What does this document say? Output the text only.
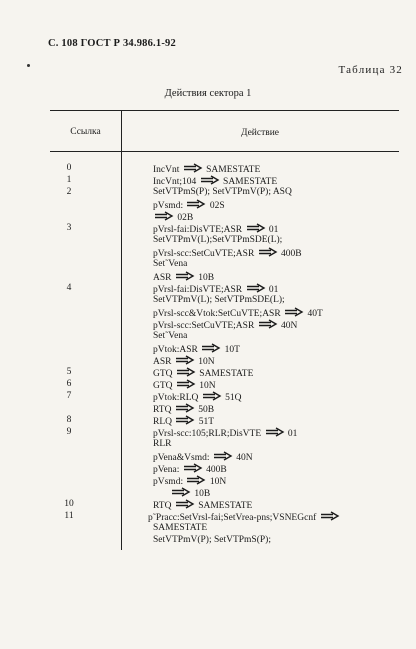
С. 108 ГОСТ Р 34.986.1-92
Таблица 32
Действия сектора 1
Ссылка	Действие
0	IncVnt  SAMESTATE
1	IncVnt;104  SAMESTATE
2	SetVTPmS(P); SetVTPmV(P); ASQ
pVsmd:  02S
02B
3	pVrsl-fai:DisVTE;ASR  01
SetVTPmV(L);SetVTPmSDE(L);
pVrsl-scc:SetCuVTE;ASR  400B
Set˜Vena
ASR  10B
4	pVrsl-fai:DisVTE;ASR  01
SetVTPmV(L); SetVTPmSDE(L);
pVrsl-scc&Vtok:SetCuVTE;ASR  40T
pVrsl-scc:SetCuVTE;ASR  40N
Set˜Vena
pVtok:ASR  10T
ASR  10N
5	GTQ  SAMESTATE
6	GTQ  10N
7	pVtok:RLQ  51Q
RTQ  50B
8	RLQ  51T
9	pVrsl-scc:105;RLR;DisVTE  01
RLR
pVena&Vsmd:  40N
pVena:  400B
pVsmd:  10N
10B
10	RTQ  SAMESTATE
11	p˜Pracc:SetVrsl-fai;SetVrea-pns;VSNEGcnf
SAMESTATE
SetVTPmV(P); SetVTPmS(P);
